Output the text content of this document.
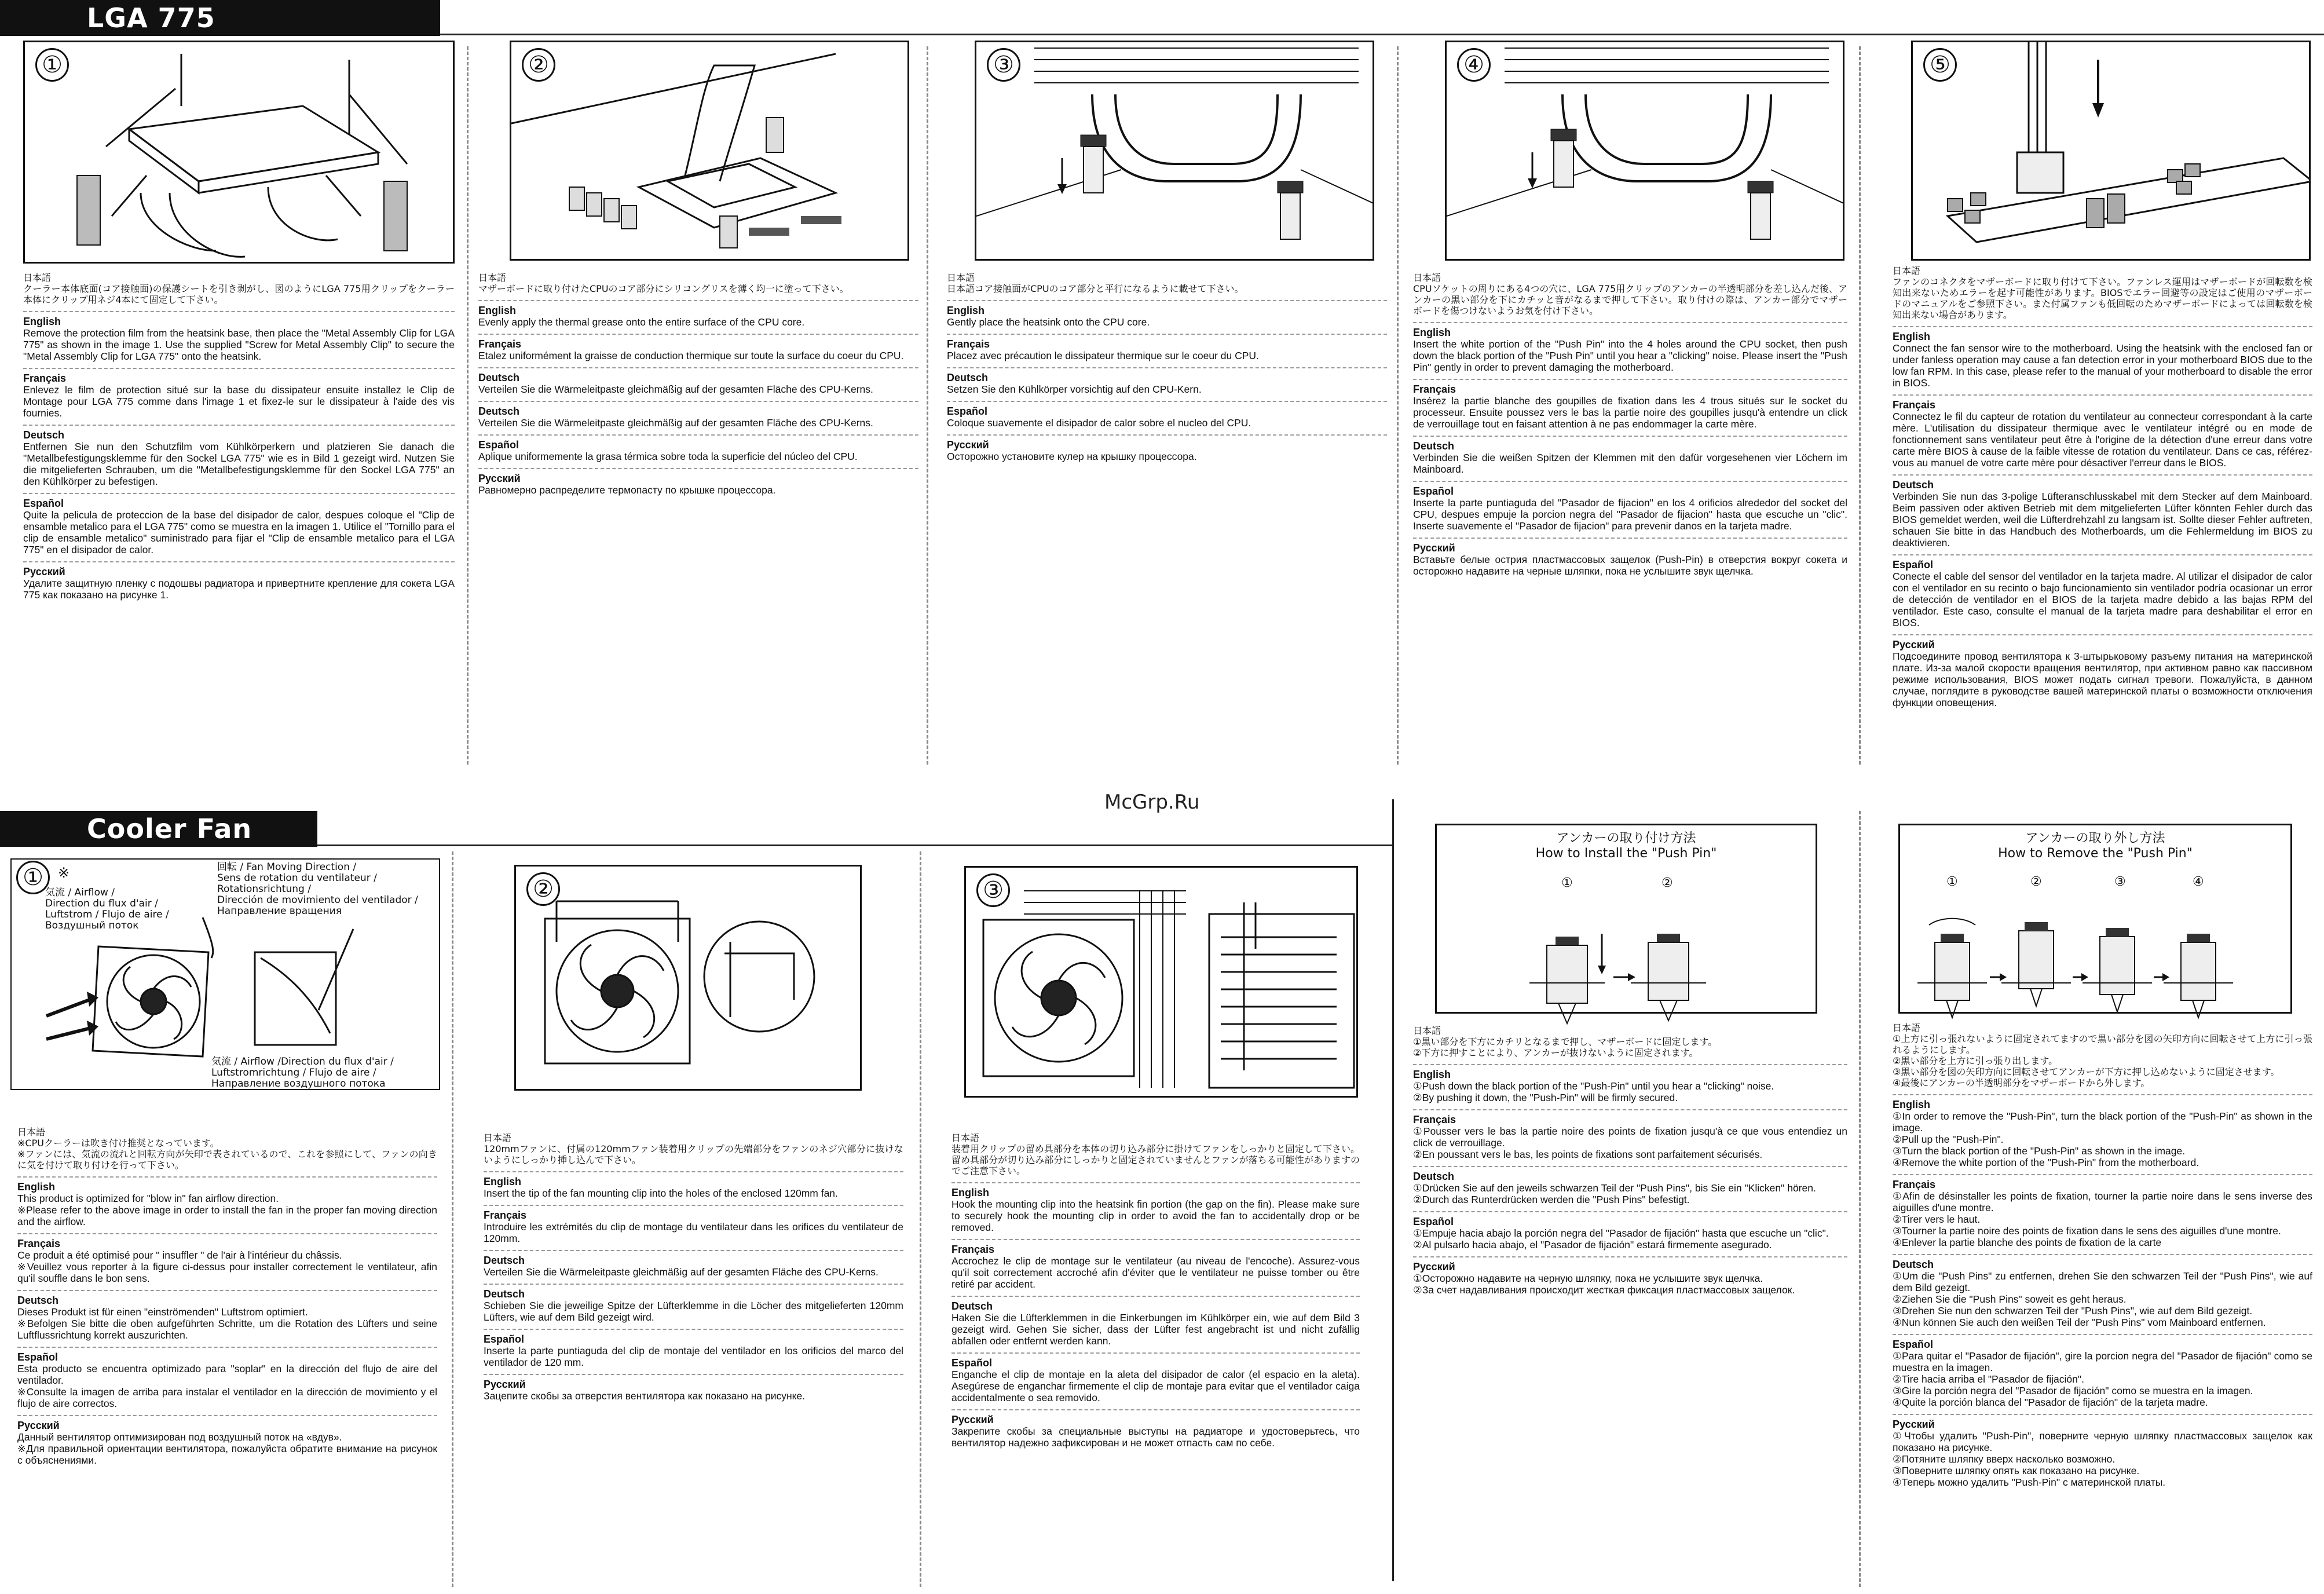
LGA 775
Cooler Fan
McGrp.Ru
①
日本語
クーラー本体底面(コア接触面)の保護シートを引き剥がし、図のようにLGA 775用クリップをクーラー本体にクリップ用ネジ4本にて固定して下さい。
English
Remove the protection film from the heatsink base, then place the "Metal Assembly Clip for LGA 775" as shown in the image 1. Use the supplied "Screw for Metal Assembly Clip" to secure the "Metal Assembly Clip for LGA 775" onto the heatsink.
Français
Enlevez le film de protection situé sur la base du dissipateur ensuite installez le Clip de Montage pour LGA 775 comme dans l'image 1 et fixez-le sur le dissipateur à l'aide des vis fournies.
Deutsch
Entfernen Sie nun den Schutzfilm vom Kühlkörperkern und platzieren Sie danach die "Metallbefestigungsklemme für den Sockel LGA 775" wie es in Bild 1 gezeigt wird. Nutzen Sie die mitgelieferten Schrauben, um die "Metallbefestigungsklemme für den Sockel LGA 775" an den Kühlkörper zu befestigen.
Español
Quite la pelicula de proteccion de la base del disipador de calor, despues coloque el "Clip de ensamble metalico para el LGA 775" como se muestra en la imagen 1. Utilice el "Tornillo para el clip de ensamble metalico" suministrado para fijar el "Clip de ensamble metalico para el LGA 775" en el disipador de calor.
Русский
Удалите защитную пленку с подошвы радиатора и привертните крепление для сокета LGA 775 как показано на рисунке 1.
②
日本語
マザーボードに取り付けたCPUのコア部分にシリコングリスを薄く均一に塗って下さい。
English
Evenly apply the thermal grease onto the entire surface of the CPU core.
Français
Etalez uniformément la graisse de conduction thermique sur toute la surface du coeur du CPU.
Deutsch
Verteilen Sie die Wärmeleitpaste gleichmäßig auf der gesamten Fläche des CPU-Kerns.
Deutsch
Verteilen Sie die Wärmeleitpaste gleichmäßig auf der gesamten Fläche des CPU-Kerns.
Español
Aplique uniformemente la grasa térmica sobre toda la superficie del núcleo del CPU.
Русский
Равномерно распределите термопасту по крышке процессора.
③
日本語
日本語コア接触面がCPUのコア部分と平行になるように載せて下さい。
English
Gently place the heatsink onto the CPU core.
Français
Placez avec précaution le dissipateur thermique sur le coeur du CPU.
Deutsch
Setzen Sie den Kühlkörper vorsichtig auf den CPU-Kern.
Español
Coloque suavemente el disipador de calor sobre el nucleo del CPU.
Русский
Осторожно установите кулер на крышку процессора.
④
日本語
CPUソケットの周りにある4つの穴に、LGA 775用クリップのアンカーの半透明部分を差し込んだ後、アンカーの黒い部分を下にカチッと音がなるまで押して下さい。取り付けの際は、アンカー部分でマザーボードを傷つけないようお気を付け下さい。
English
Insert the white portion of the "Push Pin" into the 4 holes around the CPU socket, then push down the black portion of the "Push Pin" until you hear a "clicking" noise. Please insert the "Push Pin" gently in order to prevent damaging the motherboard.
Français
Insérez la partie blanche des goupilles de fixation dans les 4 trous situés sur le socket du processeur. Ensuite poussez vers le bas la partie noire des goupilles jusqu'à entendre un click de verrouillage tout en faisant attention à ne pas endommager la carte mère.
Deutsch
Verbinden Sie die weißen Spitzen der Klemmen mit den dafür vorgesehenen vier Löchern im Mainboard.
Español
Inserte la parte puntiaguda del "Pasador de fijacion" en los 4 orificios alrededor del socket del CPU, despues empuje la porcion negra del "Pasador de fijacion" hasta que escuche un "clic". Inserte suavemente el "Pasador de fijacion" para prevenir danos en la tarjeta madre.
Русский
Вставьте белые острия пластмассовых защелок (Push-Pin) в отверстия вокруг сокета и осторожно надавите на черные шляпки, пока не услышите звук щелчка.
⑤
日本語
ファンのコネクタをマザーボードに取り付けて下さい。ファンレス運用はマザーボードが回転数を検知出来ないためエラーを起す可能性があります。BIOSでエラー回避等の設定はご使用のマザーボードのマニュアルをご参照下さい。また付属ファンも低回転のためマザーボードによっては回転数を検知出来ない場合があります。
English
Connect the fan sensor wire to the motherboard. Using the heatsink with the enclosed fan or under fanless operation may cause a fan detection error in your motherboard BIOS due to the low fan RPM. In this case, please refer to the manual of your motherboard to disable the error in BIOS.
Français
Connectez le fil du capteur de rotation du ventilateur au connecteur correspondant à la carte mère. L'utilisation du dissipateur thermique avec le ventilateur intégré ou en mode de fonctionnement sans ventilateur peut être à l'origine de la détection d'une erreur dans votre carte mère BIOS à cause de la faible vitesse de rotation du ventilateur. Dans ce cas, référez-vous au manuel de votre carte mère pour désactiver l'erreur dans le BIOS.
Deutsch
Verbinden Sie nun das 3-polige Lüfteranschlusskabel mit dem Stecker auf dem Mainboard. Beim passiven oder aktiven Betrieb mit dem mitgelieferten Lüfter könnten Fehler durch das BIOS gemeldet werden, weil die Lüfterdrehzahl zu langsam ist. Sollte dieser Fehler auftreten, schauen Sie bitte in das Handbuch des Motherboards, um die Fehlermeldung im BIOS zu deaktivieren.
Español
Conecte el cable del sensor del ventilador en la tarjeta madre. Al utilizar el disipador de calor con el ventilador en su recinto o bajo funcionamiento sin ventilador podría ocasionar un error de detección de ventilador en el BIOS de la tarjeta madre debido a las bajas RPM del ventilador. Este caso, consulte el manual de la tarjeta madre para deshabilitar el error en BIOS.
Русский
Подсоедините провод вентилятора к 3-штырьковому разъему питания на материнской плате. Из-за малой скорости вращения вентилятор, при активном равно как пассивном режиме использования, BIOS может подать сигнал тревоги. Пожалуйста, в данном случае, поглядите в руководстве вашей материнской платы о возможности отключения функции оповещения.
①	※
気流 / Airflow /
Direction du flux d'air /
Luftstrom / Flujo de aire /
Воздушный поток
回転 / Fan Moving Direction /
Sens de rotation du ventilateur /
Rotationsrichtung /
Dirección de movimiento del ventilador /
Направление вращения
気流 / Airflow /Direction du flux d'air /
Luftstromrichtung / Flujo de aire /
Направление воздушного потока
日本語
※CPUクーラーは吹き付け推奨となっています。
※ファンには、気流の流れと回転方向が矢印で表されているので、これを参照にして、ファンの向きに気を付けて取り付けを行って下さい。
English
This product is optimized for "blow in" fan airflow direction.
※Please refer to the above image in order to install the fan in the proper fan moving direction and the airflow.
Français
Ce produit a été optimisé pour " insuffler " de l'air à l'intérieur du châssis.
※Veuillez vous reporter à la figure ci-dessus pour installer correctement le ventilateur, afin qu'il souffle dans le bon sens.
Deutsch
Dieses Produkt ist für einen "einströmenden" Luftstrom optimiert.
※Befolgen Sie bitte die oben aufgeführten Schritte, um die Rotation des Lüfters und seine Luftflussrichtung korrekt auszurichten.
Español
Esta producto se encuentra optimizado para "soplar" en la dirección del flujo de aire del ventilador.
※Consulte la imagen de arriba para instalar el ventilador en la dirección de movimiento y el flujo de aire correctos.
Русский
Данный вентилятор оптимизирован под воздушный поток на «вдув».
※Для правильной ориентации вентилятора, пожалуйста обратите внимание на рисунок с объяснениями.
②
日本語
120mmファンに、付属の120mmファン装着用クリップの先端部分をファンのネジ穴部分に抜けないようにしっかり挿し込んで下さい。
English
Insert the tip of the fan mounting clip into the holes of the enclosed 120mm fan.
Français
Introduire les extrémités du clip de montage du ventilateur dans les orifices du ventilateur de 120mm.
Deutsch
Verteilen Sie die Wärmeleitpaste gleichmäßig auf der gesamten Fläche des CPU-Kerns.
Deutsch
Schieben Sie die jeweilige Spitze der Lüfterklemme in die Löcher des mitgelieferten 120mm Lüfters, wie auf dem Bild gezeigt wird.
Español
Inserte la parte puntiaguda del clip de montaje del ventilador en los orificios del marco del ventilador de 120 mm.
Русский
Зацепите скобы за отверстия вентилятора как показано на рисунке.
③
日本語
装着用クリップの留め具部分を本体の切り込み部分に掛けてファンをしっかりと固定して下さい。留め具部分が切り込み部分にしっかりと固定されていませんとファンが落ちる可能性がありますのでご注意下さい。
English
Hook the mounting clip into the heatsink fin portion (the gap on the fin). Please make sure to securely hook the mounting clip in order to avoid the fan to accidentally drop or be removed.
Français
Accrochez le clip de montage sur le ventilateur (au niveau de l'encoche). Assurez-vous qu'il soit correctement accroché afin d'éviter que le ventilateur ne puisse tomber ou être retiré par accident.
Deutsch
Haken Sie die Lüfterklemmen in die Einkerbungen im Kühlkörper ein, wie auf dem Bild 3 gezeigt wird. Gehen Sie sicher, dass der Lüfter fest angebracht ist und nicht zufällig abfallen oder entfernt werden kann.
Español
Enganche el clip de montaje en la aleta del disipador de calor (el espacio en la aleta). Asegúrese de enganchar firmemente el clip de montaje para evitar que el ventilador caiga accidentalmente o sea removido.
Русский
Закрепите скобы за специальные выступы на радиаторе и удостоверьтесь, что вентилятор надежно зафиксирован и не может отпасть сам по себе.
アンカーの取り付け方法
How to Install the "Push Pin"
①	②
日本語
①黒い部分を下方にカチリとなるまで押し、マザーボードに固定します。
②下方に押すことにより、アンカーが抜けないように固定されます。
English
①Push down the black portion of the "Push-Pin" until you hear a "clicking" noise.
②By pushing it down, the "Push-Pin" will be firmly secured.
Français
①Pousser vers le bas la partie noire des points de fixation jusqu'à ce que vous entendiez un click de verrouillage.
②En poussant vers le bas, les points de fixations sont parfaitement sécurisés.
Deutsch
①Drücken Sie auf den jeweils schwarzen Teil der "Push Pins", bis Sie ein "Klicken" hören.
②Durch das Runterdrücken werden die "Push Pins" befestigt.
Español
①Empuje hacia abajo la porción negra del "Pasador de fijación" hasta que escuche un "clic".
②Al pulsarlo hacia abajo, el "Pasador de fijación" estará firmemente asegurado.
Русский
①Осторожно надавите на черную шляпку, пока не услышите звук щелчка.
②За счет надавливания происходит жесткая фиксация пластмассовых защелок.
アンカーの取り外し方法
How to Remove the "Push Pin"
①	②	③	④
日本語
①上方に引っ張れないように固定されてますので黒い部分を図の矢印方向に回転させて上方に引っ張れるようにします。
②黒い部分を上方に引っ張り出します。
③黒い部分を図の矢印方向に回転させてアンカーが下方に押し込めないように固定させます。
④最後にアンカーの半透明部分をマザーボードから外します。
English
①In order to remove the "Push-Pin", turn the black portion of the "Push-Pin" as shown in the image.
②Pull up the "Push-Pin".
③Turn the black portion of the "Push-Pin" as shown in the image.
④Remove the white portion of the "Push-Pin" from the motherboard.
Français
①Afin de désinstaller les points de fixation, tourner la partie noire dans le sens inverse des aiguilles d'une montre.
②Tirer vers le haut.
③Tourner la partie noire des points de fixation dans le sens des aiguilles d'une montre.
④Enlever la partie blanche des points de fixation de la carte
Deutsch
①Um die "Push Pins" zu entfernen, drehen Sie den schwarzen Teil der "Push Pins", wie auf dem Bild gezeigt.
②Ziehen Sie die "Push Pins" soweit es geht heraus.
③Drehen Sie nun den schwarzen Teil der "Push Pins", wie auf dem Bild gezeigt.
④Nun können Sie auch den weißen Teil der "Push Pins" vom Mainboard entfernen.
Español
①Para quitar el "Pasador de fijación", gire la porcion negra del "Pasador de fijación" como se muestra en la imagen.
②Tire hacia arriba el "Pasador de fijación".
③Gire la porción negra del "Pasador de fijación" como se muestra en la imagen.
④Quite la porción blanca del "Pasador de fijación" de la tarjeta madre.
Русский
①Чтобы удалить "Push-Pin", поверните черную шляпку пластмассовых защелок как показано на рисунке.
②Потяните шляпку вверх насколько возможно.
③Поверните шляпку опять как показано на рисунке.
④Теперь можно удалить "Push-Pin" с материнской платы.
